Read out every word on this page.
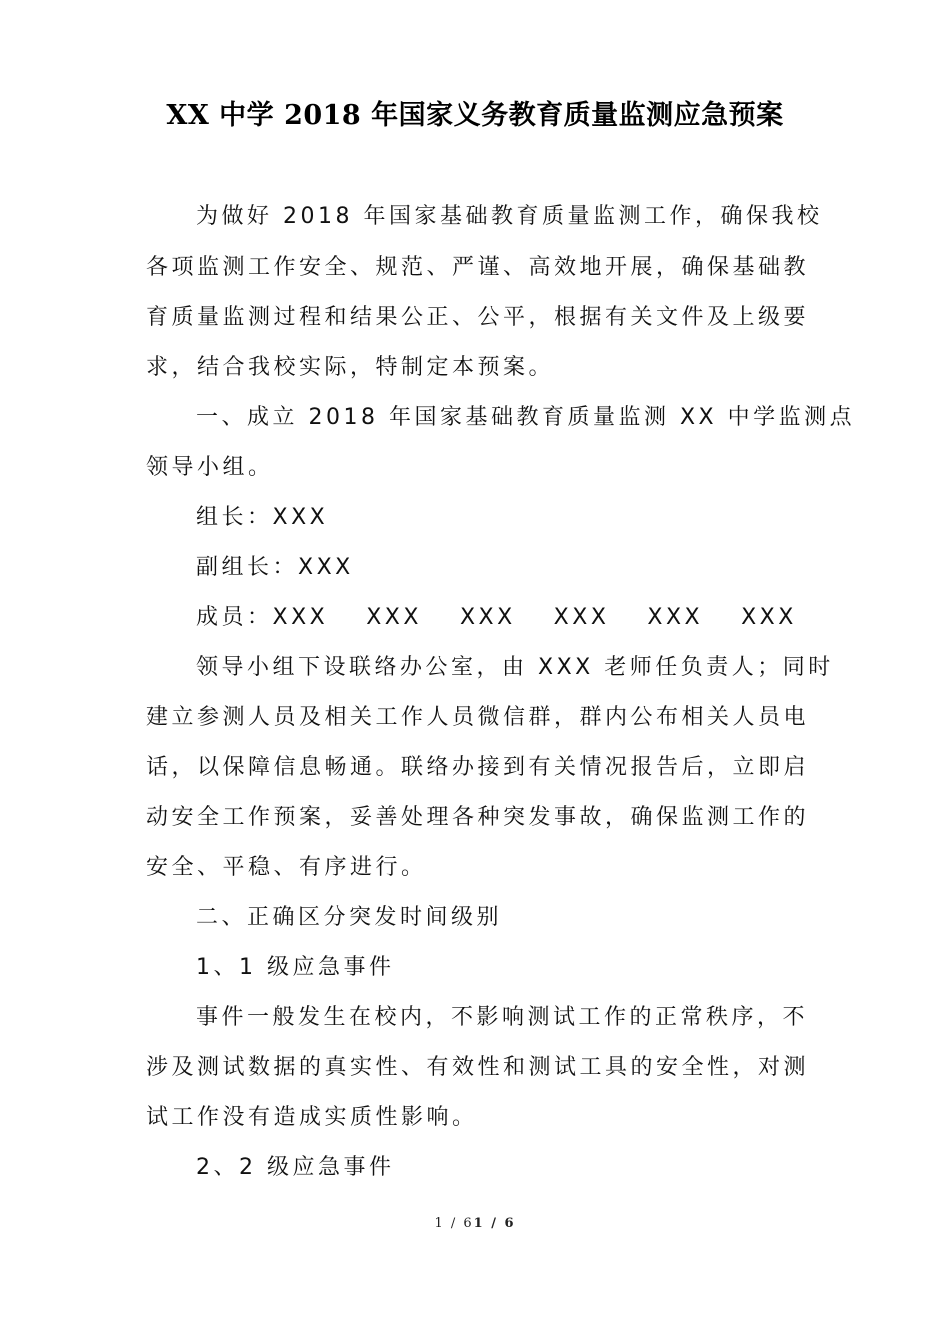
XX 中学 2018 年国家义务教育质量监测应急预案
为做好 2018 年国家基础教育质量监测工作，确保我校
各项监测工作安全、规范、严谨、高效地开展，确保基础教
育质量监测过程和结果公正、公平，根据有关文件及上级要
求，结合我校实际，特制定本预案。
一、成立 2018 年国家基础教育质量监测 XX 中学监测点
领导小组。
组长：XXX
副组长：XXX
成员：XXX XXX XXX XXX XXX XXX
领导小组下设联络办公室，由 XXX 老师任负责人；同时
建立参测人员及相关工作人员微信群，群内公布相关人员电
话，以保障信息畅通。联络办接到有关情况报告后，立即启
动安全工作预案，妥善处理各种突发事故，确保监测工作的
安全、平稳、有序进行。
二、正确区分突发时间级别
1、1 级应急事件
事件一般发生在校内，不影响测试工作的正常秩序，不
涉及测试数据的真实性、有效性和测试工具的安全性，对测
试工作没有造成实质性影响。
2、2 级应急事件
1 / 61 / 6
